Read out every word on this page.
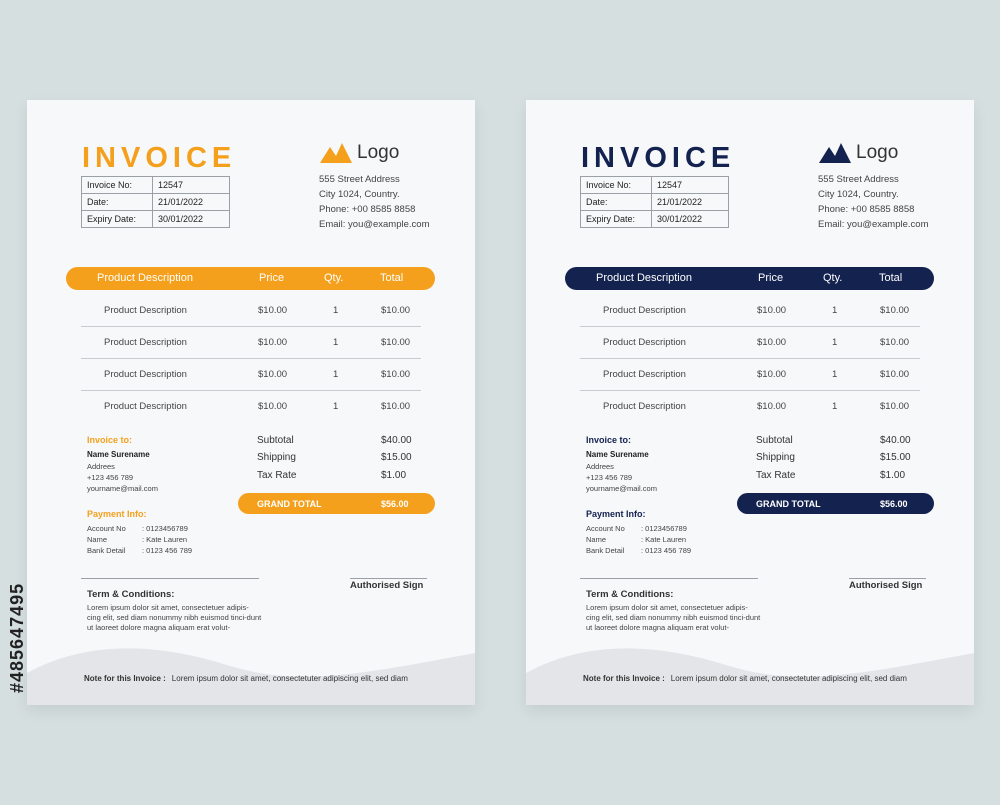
#485647495
INVOICE
Invoice No:	12547
Date:	21/01/2022
Expiry Date:	30/01/2022
Logo
555 Street Address
City 1024, Country.
Phone: +00 8585 8858
Email: you@example.com
Product Description	Price	Qty.	Total
Product Description	$10.00	1	$10.00
Product Description	$10.00	1	$10.00
Product Description	$10.00	1	$10.00
Product Description	$10.00	1	$10.00
Invoice to:
Name Surename
Addrees
+123 456 789
yourname@mail.com
Subtotal	$40.00
Shipping	$15.00
Tax Rate	$1.00
GRAND TOTAL	$56.00
Payment Info:
Account No : 0123456789
Name	: Kate Lauren
Bank Detail : 0123 456 789
Authorised Sign
Term & Conditions:
Lorem ipsum dolor sit amet, consectetuer adipis-cing elit, sed diam nonummy nibh euismod tinci-dunt ut laoreet dolore magna aliquam erat volut-
Note for this Invoice : Lorem ipsum dolor sit amet, consectetuter adipiscing elit, sed diam
INVOICE
Invoice No:	12547
Date:	21/01/2022
Expiry Date:	30/01/2022
Logo
555 Street Address
City 1024, Country.
Phone: +00 8585 8858
Email: you@example.com
Product Description	Price	Qty.	Total
Product Description	$10.00	1	$10.00
Product Description	$10.00	1	$10.00
Product Description	$10.00	1	$10.00
Product Description	$10.00	1	$10.00
Invoice to:
Name Surename
Addrees
+123 456 789
yourname@mail.com
Subtotal	$40.00
Shipping	$15.00
Tax Rate	$1.00
GRAND TOTAL	$56.00
Payment Info:
Account No : 0123456789
Name	: Kate Lauren
Bank Detail : 0123 456 789
Authorised Sign
Term & Conditions:
Lorem ipsum dolor sit amet, consectetuer adipis-cing elit, sed diam nonummy nibh euismod tinci-dunt ut laoreet dolore magna aliquam erat volut-
Note for this Invoice : Lorem ipsum dolor sit amet, consectetuter adipiscing elit, sed diam
